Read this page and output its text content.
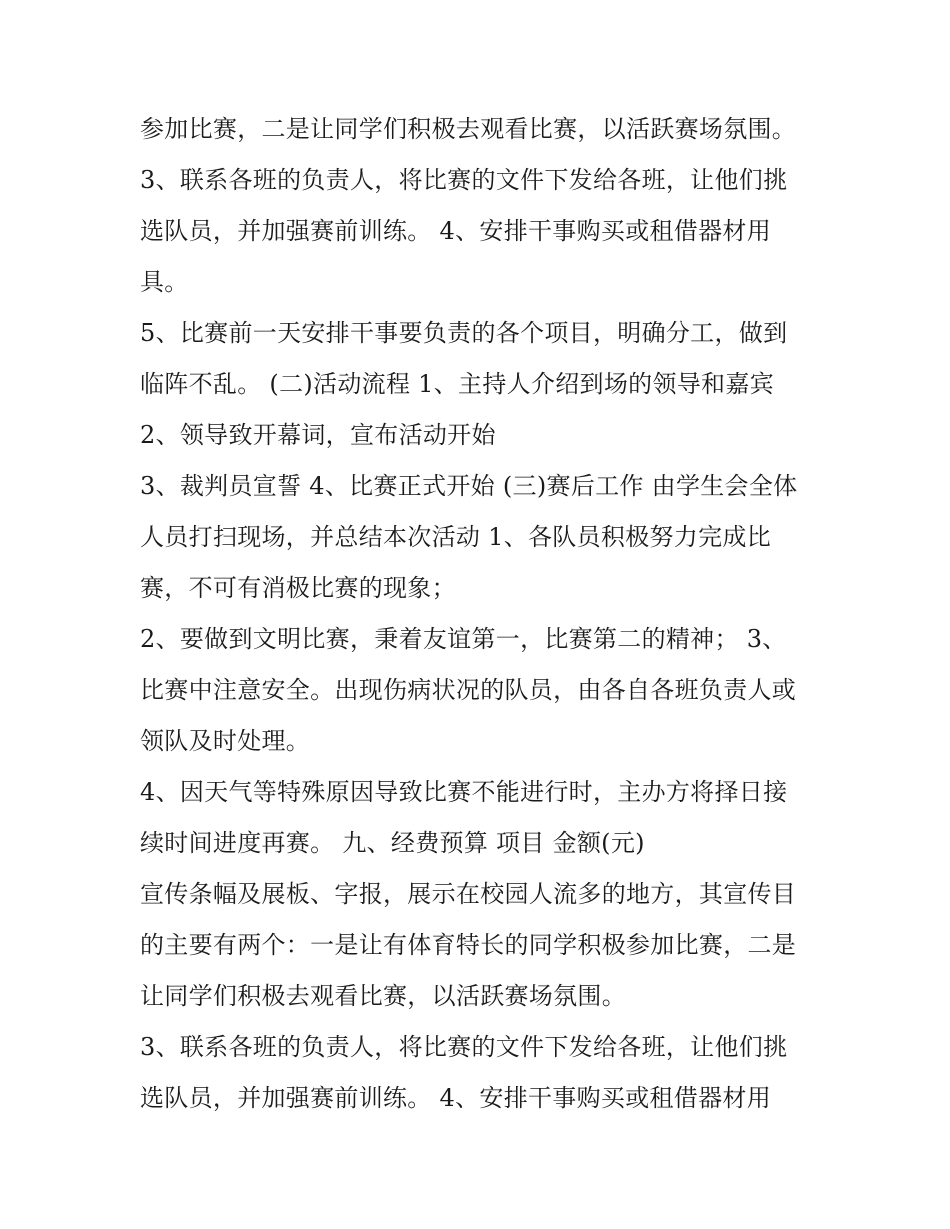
参加比赛，二是让同学们积极去观看比赛，以活跃赛场氛围。
3、联系各班的负责人，将比赛的文件下发给各班，让他们挑
选队员，并加强赛前训练。 4、安排干事购买或租借器材用
具。
5、比赛前一天安排干事要负责的各个项目，明确分工，做到
临阵不乱。 (二)活动流程 1、主持人介绍到场的领导和嘉宾
2、领导致开幕词，宣布活动开始
3、裁判员宣誓 4、比赛正式开始 (三)赛后工作 由学生会全体
人员打扫现场，并总结本次活动 1、各队员积极努力完成比
赛，不可有消极比赛的现象；
2、要做到文明比赛，秉着友谊第一，比赛第二的精神； 3、
比赛中注意安全。出现伤病状况的队员，由各自各班负责人或
领队及时处理。
4、因天气等特殊原因导致比赛不能进行时，主办方将择日接
续时间进度再赛。 九、经费预算 项目 金额(元)
宣传条幅及展板、字报，展示在校园人流多的地方，其宣传目
的主要有两个：一是让有体育特长的同学积极参加比赛，二是
让同学们积极去观看比赛，以活跃赛场氛围。
3、联系各班的负责人，将比赛的文件下发给各班，让他们挑
选队员，并加强赛前训练。 4、安排干事购买或租借器材用
